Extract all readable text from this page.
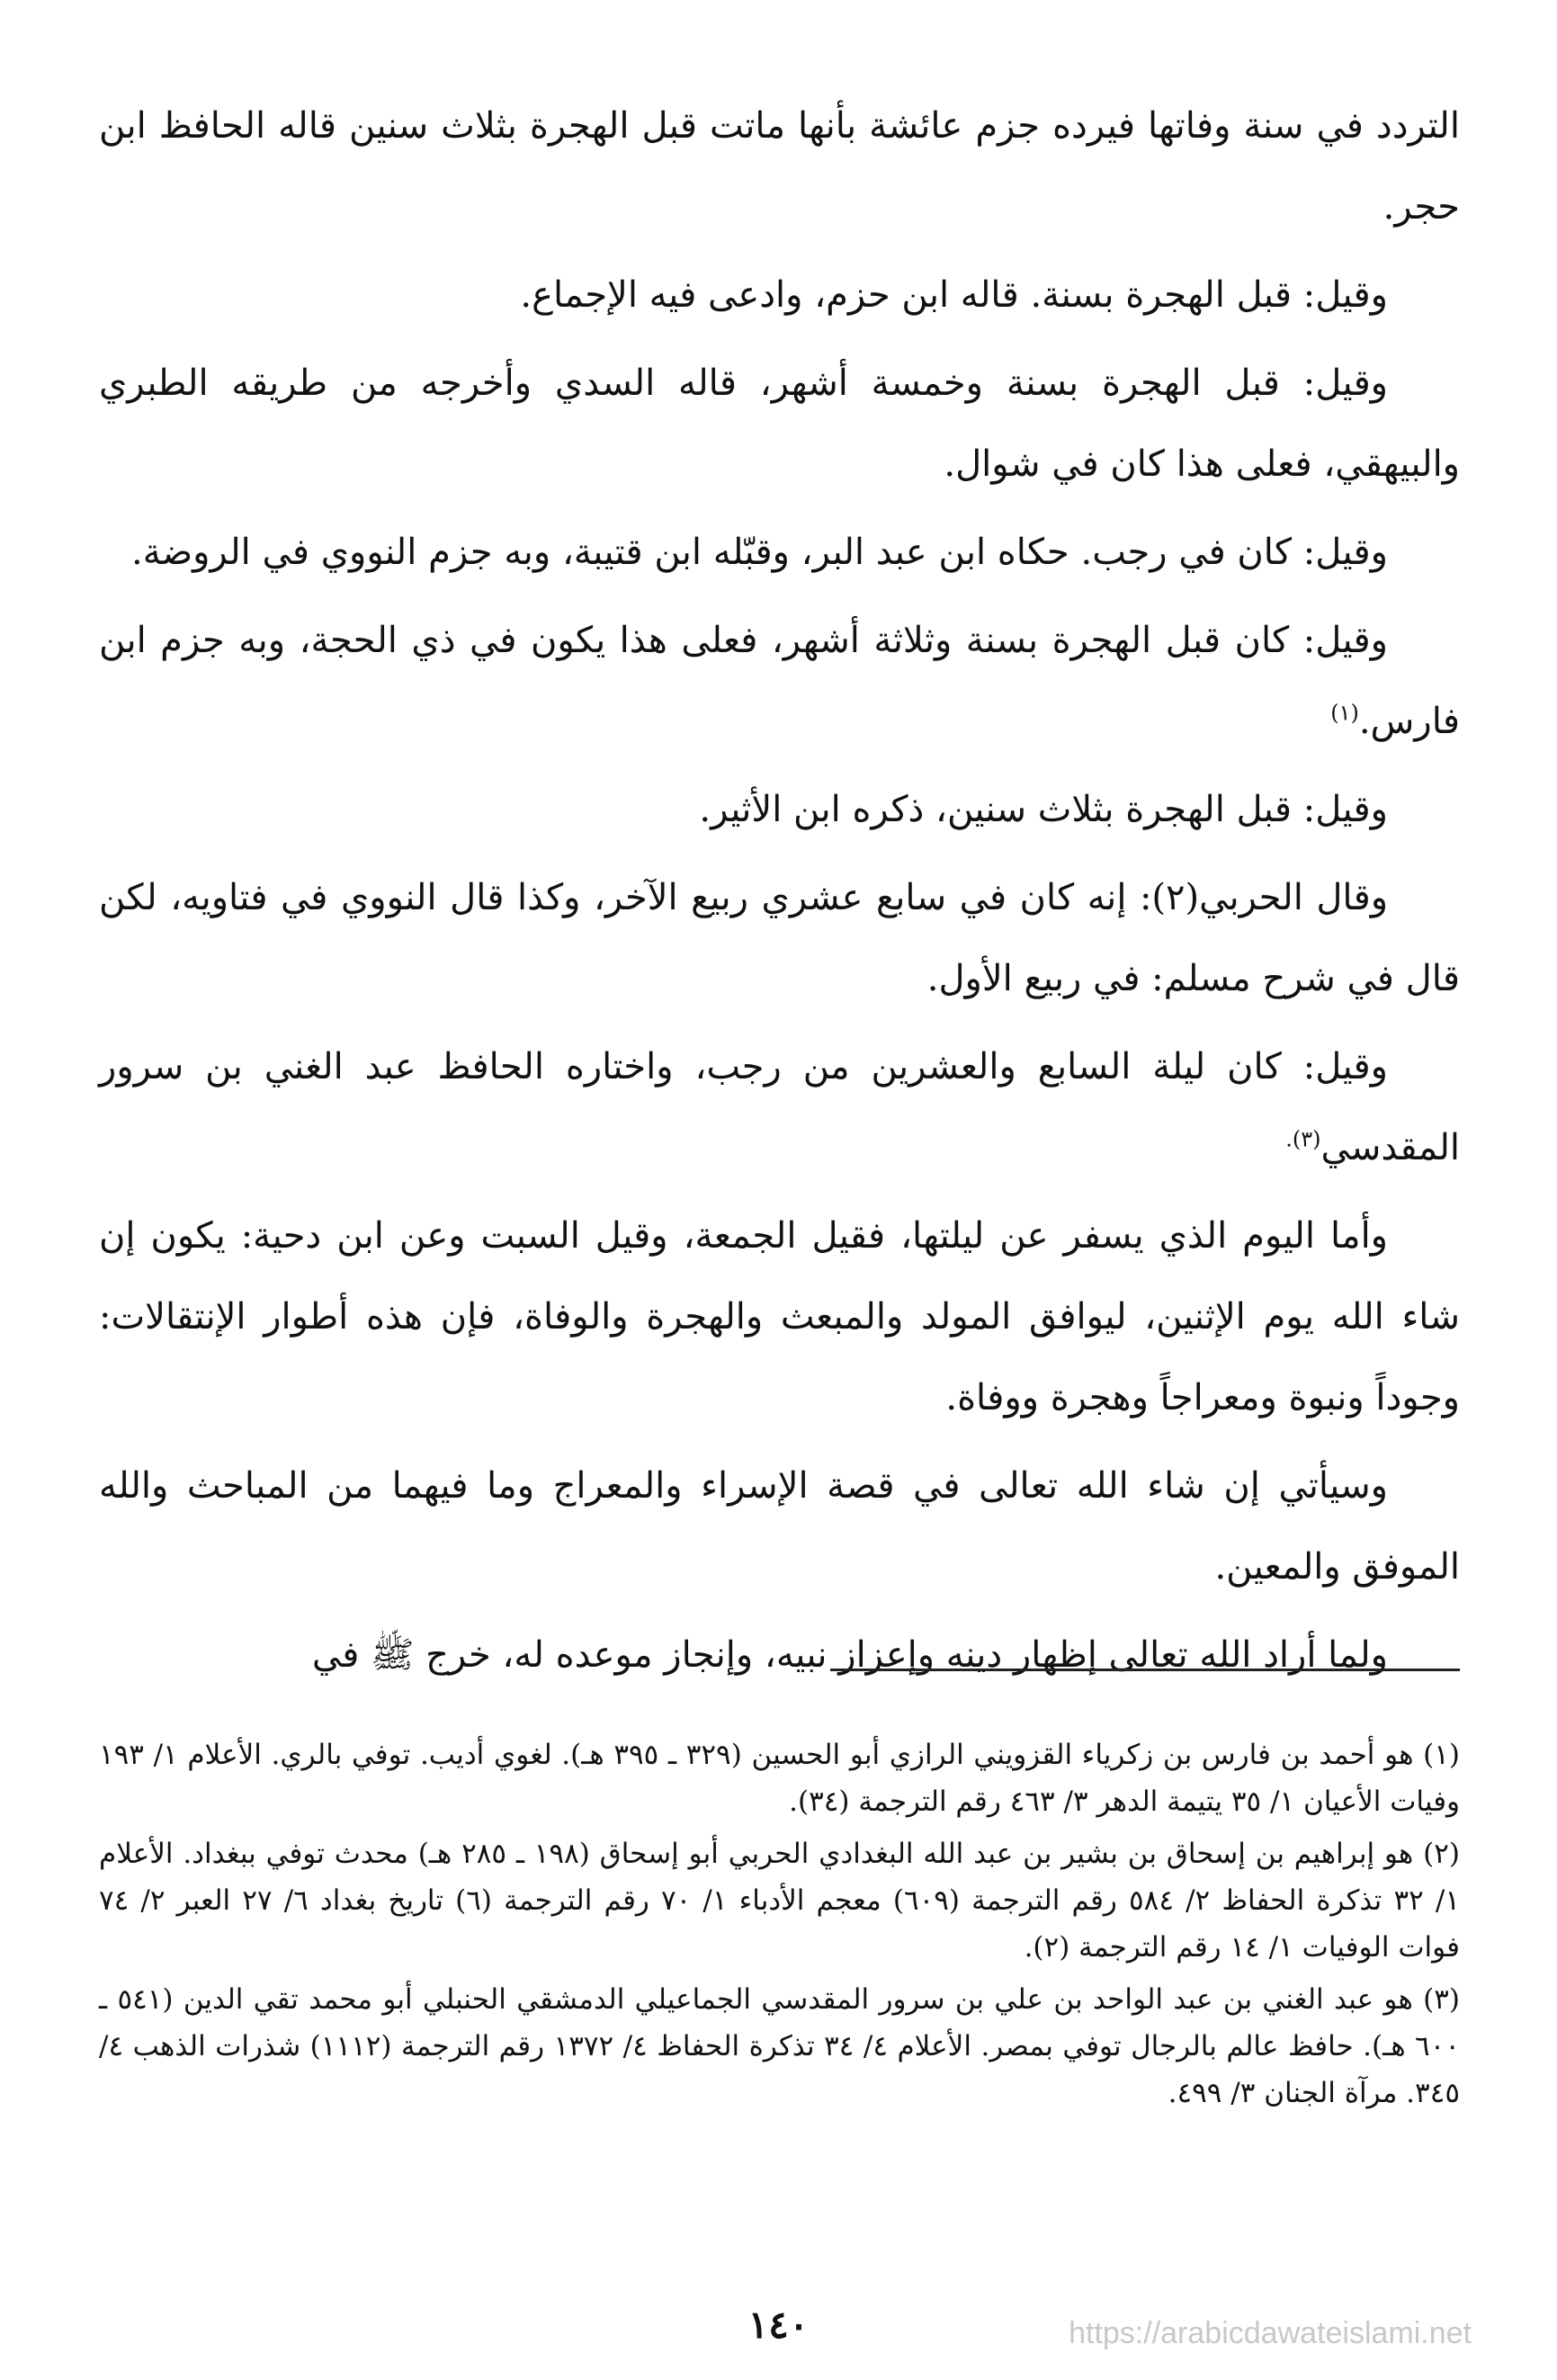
التردد في سنة وفاتها فيرده جزم عائشة بأنها ماتت قبل الهجرة بثلاث سنين قاله الحافظ ابن حجر.

وقيل: قبل الهجرة بسنة. قاله ابن حزم، وادعى فيه الإجماع.

وقيل: قبل الهجرة بسنة وخمسة أشهر، قاله السدي وأخرجه من طريقه الطبري والبيهقي، فعلى هذا كان في شوال.

وقيل: كان في رجب. حكاه ابن عبد البر، وقبّله ابن قتيبة، وبه جزم النووي في الروضة.

وقيل: كان قبل الهجرة بسنة وثلاثة أشهر، فعلى هذا يكون في ذي الحجة، وبه جزم ابن فارس.$^{(١)}$

وقيل: قبل الهجرة بثلاث سنين، ذكره ابن الأثير.

وقال الحربي(٢): إنه كان في سابع عشري ربيع الآخر، وكذا قال النووي في فتاويه، لكن قال في شرح مسلم: في ربيع الأول.

وقيل: كان ليلة السابع والعشرين من رجب، واختاره الحافظ عبد الغني بن سرور المقدسي$^{(٣).}$

وأما اليوم الذي يسفر عن ليلتها، فقيل الجمعة، وقيل السبت وعن ابن دحية: يكون إن شاء الله يوم الإثنين، ليوافق المولد والمبعث والهجرة والوفاة، فإن هذه أطوار الإنتقالات: وجوداً ونبوة ومعراجاً وهجرة ووفاة.

وسيأتي إن شاء الله تعالى في قصة الإسراء والمعراج وما فيهما من المباحث والله الموفق والمعين.

ولما أراد الله تعالى إظهار دينه وإعزاز نبيه، وإنجاز موعده له، خرج ﷺ في

(١) هو أحمد بن فارس بن زكرياء القزويني الرازي أبو الحسين (٣٢٩ ـ ٣٩٥ هـ). لغوي أديب. توفي بالري. الأعلام ١/ ١٩٣ وفيات الأعيان ١/ ٣٥ يتيمة الدهر ٣/ ٤٦٣ رقم الترجمة (٣٤).

(٢) هو إبراهيم بن إسحاق بن بشير بن عبد الله البغدادي الحربي أبو إسحاق (١٩٨ ـ ٢٨٥ هـ) محدث توفي ببغداد. الأعلام ١/ ٣٢ تذكرة الحفاظ ٢/ ٥٨٤ رقم الترجمة (٦٠٩) معجم الأدباء ١/ ٧٠ رقم الترجمة (٦) تاريخ بغداد ٦/ ٢٧ العبر ٢/ ٧٤ فوات الوفيات ١/ ١٤ رقم الترجمة (٢).

(٣) هو عبد الغني بن عبد الواحد بن علي بن سرور المقدسي الجماعيلي الدمشقي الحنبلي أبو محمد تقي الدين (٥٤١ ـ ٦٠٠ هـ). حافظ عالم بالرجال توفي بمصر. الأعلام ٤/ ٣٤ تذكرة الحفاظ ٤/ ١٣٧٢ رقم الترجمة (١١١٢) شذرات الذهب ٤/ ٣٤٥. مرآة الجنان ٣/ ٤٩٩.

١٤٠	https://arabicdawateislami.net
